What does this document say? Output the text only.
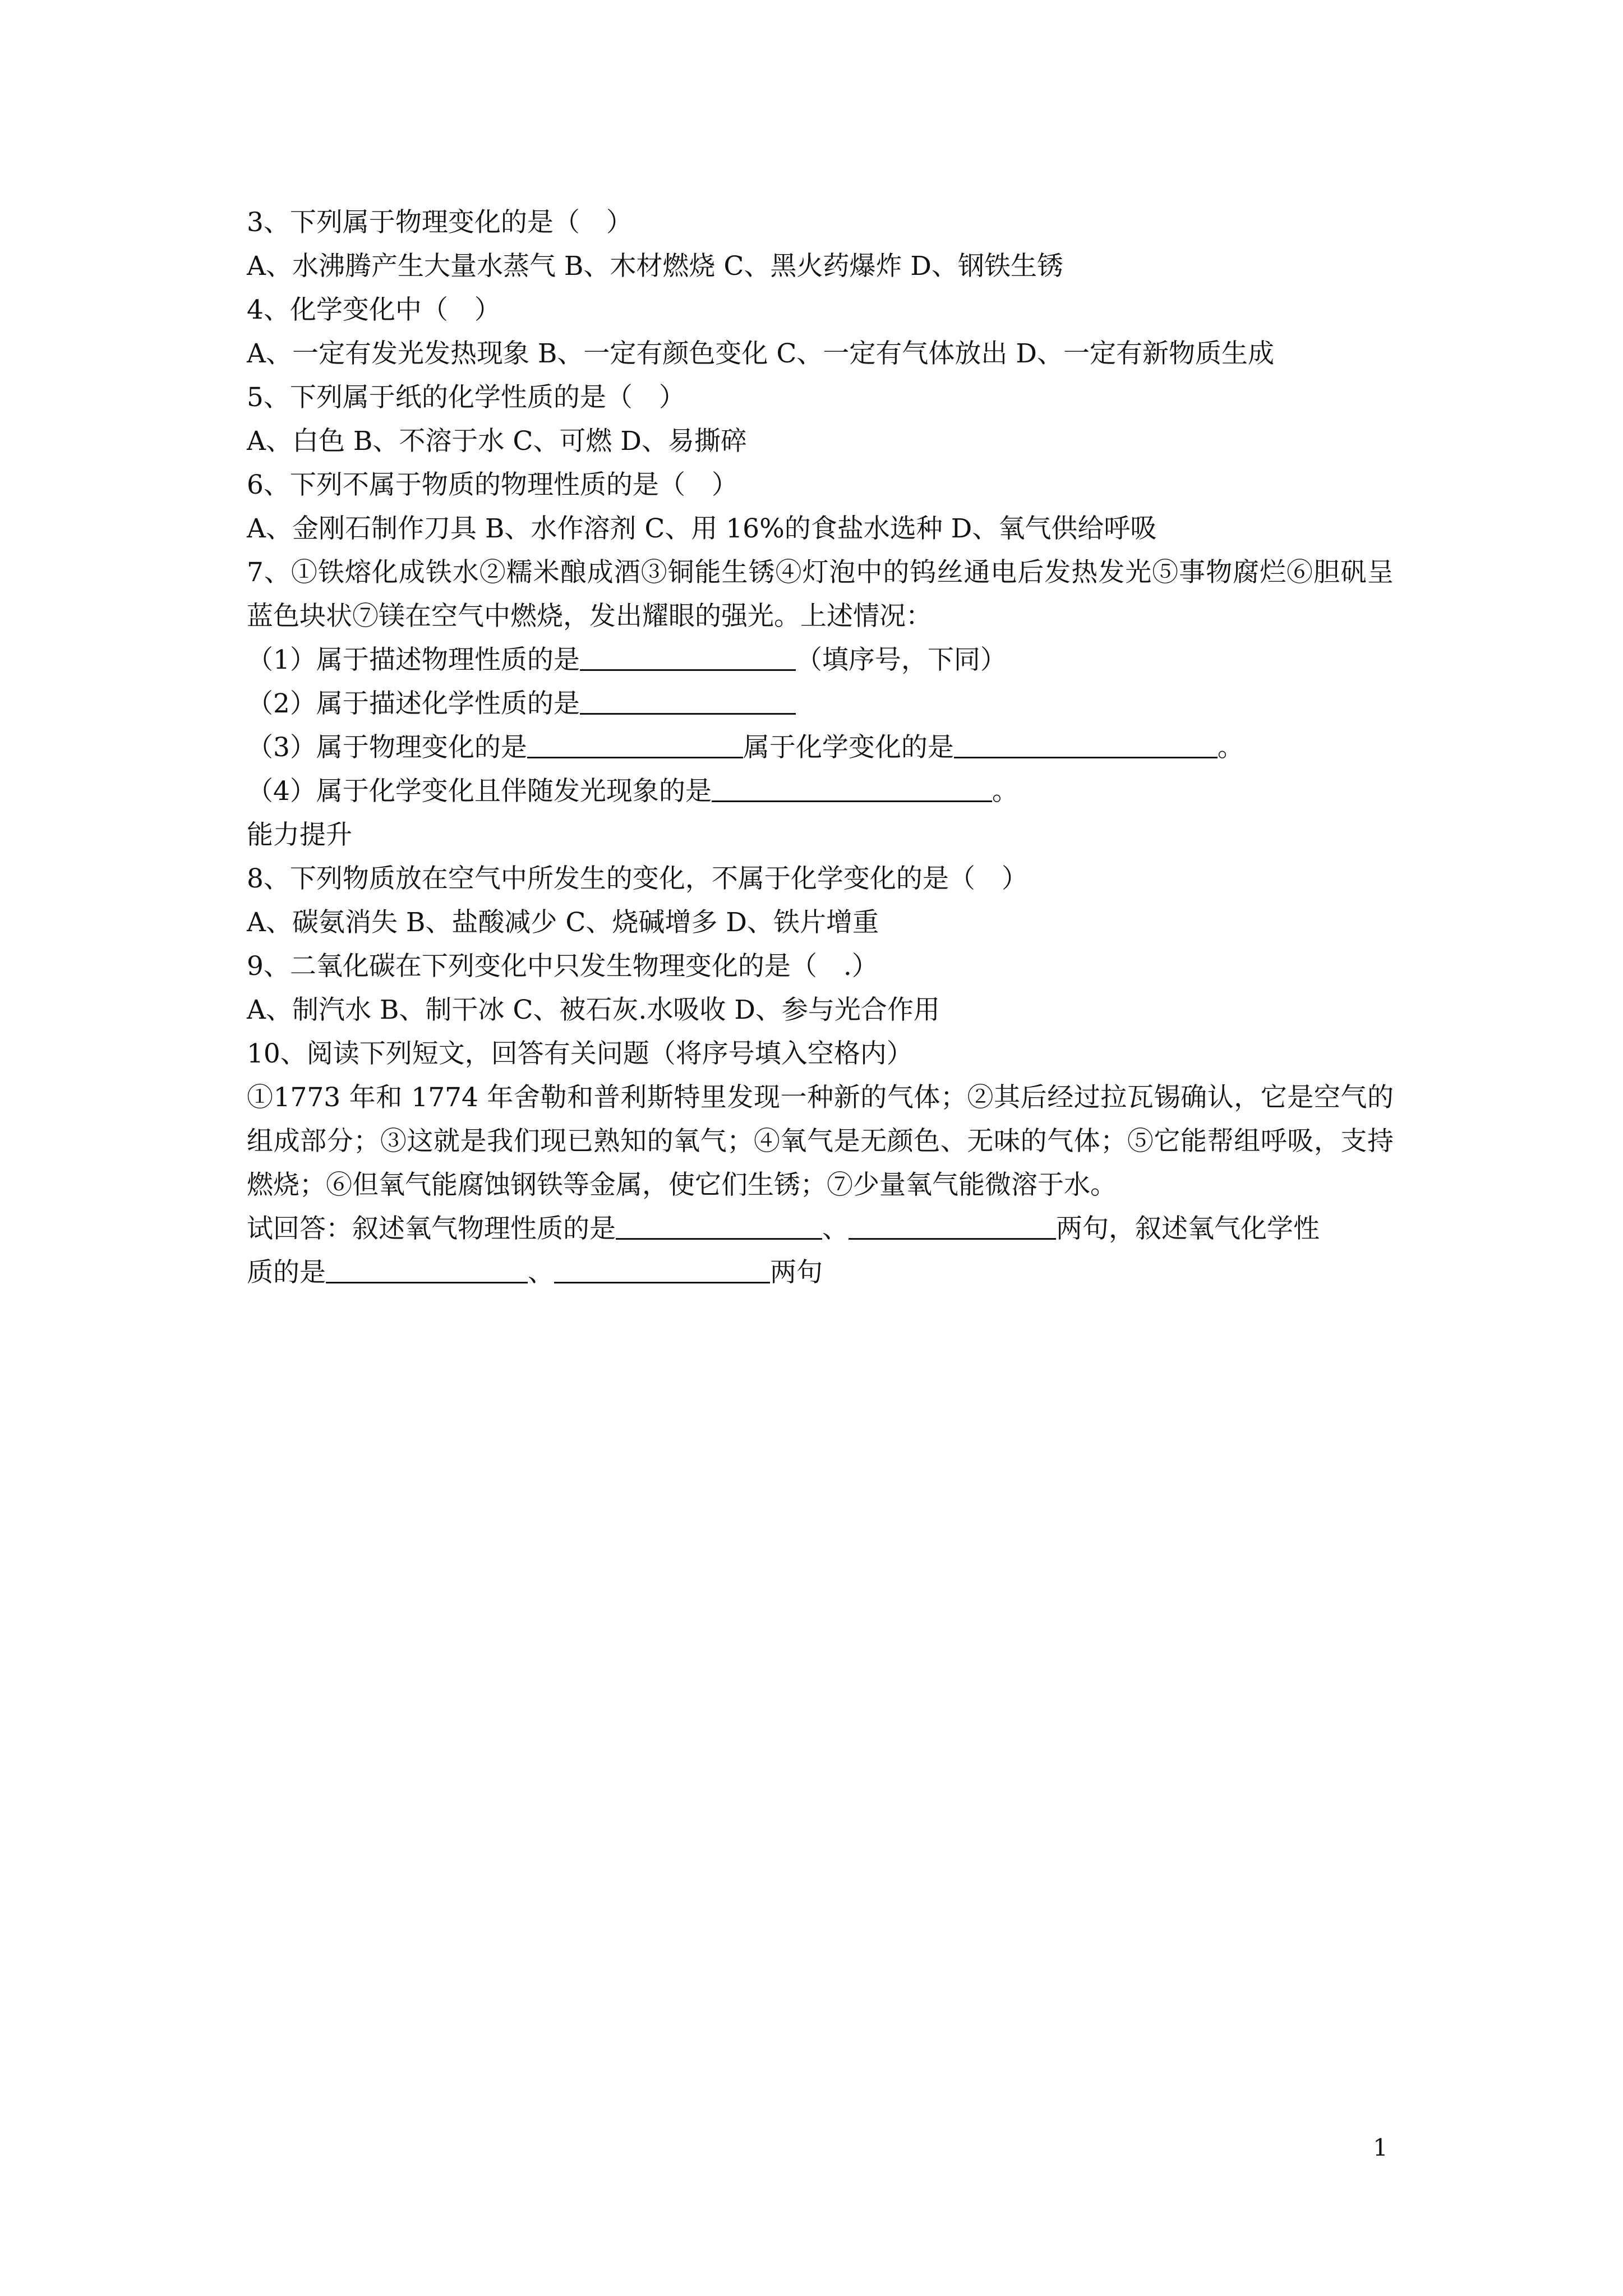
3、下列属于物理变化的是（　）
A、水沸腾产生大量水蒸气 B、木材燃烧 C、黑火药爆炸 D、钢铁生锈
4、化学变化中（　）
A、一定有发光发热现象 B、一定有颜色变化 C、一定有气体放出 D、一定有新物质生成
5、下列属于纸的化学性质的是（　）
A、白色 B、不溶于水 C、可燃 D、易撕碎
6、下列不属于物质的物理性质的是（　）
A、金刚石制作刀具 B、水作溶剂 C、用 16%的食盐水选种 D、氧气供给呼吸
7、①铁熔化成铁水②糯米酿成酒③铜能生锈④灯泡中的钨丝通电后发热发光⑤事物腐烂⑥胆矾呈蓝色块状⑦镁在空气中燃烧，发出耀眼的强光。上述情况：
（1）属于描述物理性质的是	（填序号，下同）
（2）属于描述化学性质的是
（3）属于物理变化的是	属于化学变化的是	。
（4）属于化学变化且伴随发光现象的是	。
能力提升
8、下列物质放在空气中所发生的变化，不属于化学变化的是（　）
A、碳氨消失 B、盐酸减少 C、烧碱增多 D、铁片增重
9、二氧化碳在下列变化中只发生物理变化的是（　.）
A、制汽水 B、制干冰 C、被石灰.水吸收 D、参与光合作用
10、阅读下列短文，回答有关问题（将序号填入空格内）
①1773 年和 1774 年舍勒和普利斯特里发现一种新的气体；②其后经过拉瓦锡确认，它是空气的组成部分；③这就是我们现已熟知的氧气；④氧气是无颜色、无味的气体；⑤它能帮组呼吸，支持燃烧；⑥但氧气能腐蚀钢铁等金属，使它们生锈；⑦少量氧气能微溶于水。
试回答：叙述氧气物理性质的是	、	两句，叙述氧气化学性
质的是	、	两句
1
